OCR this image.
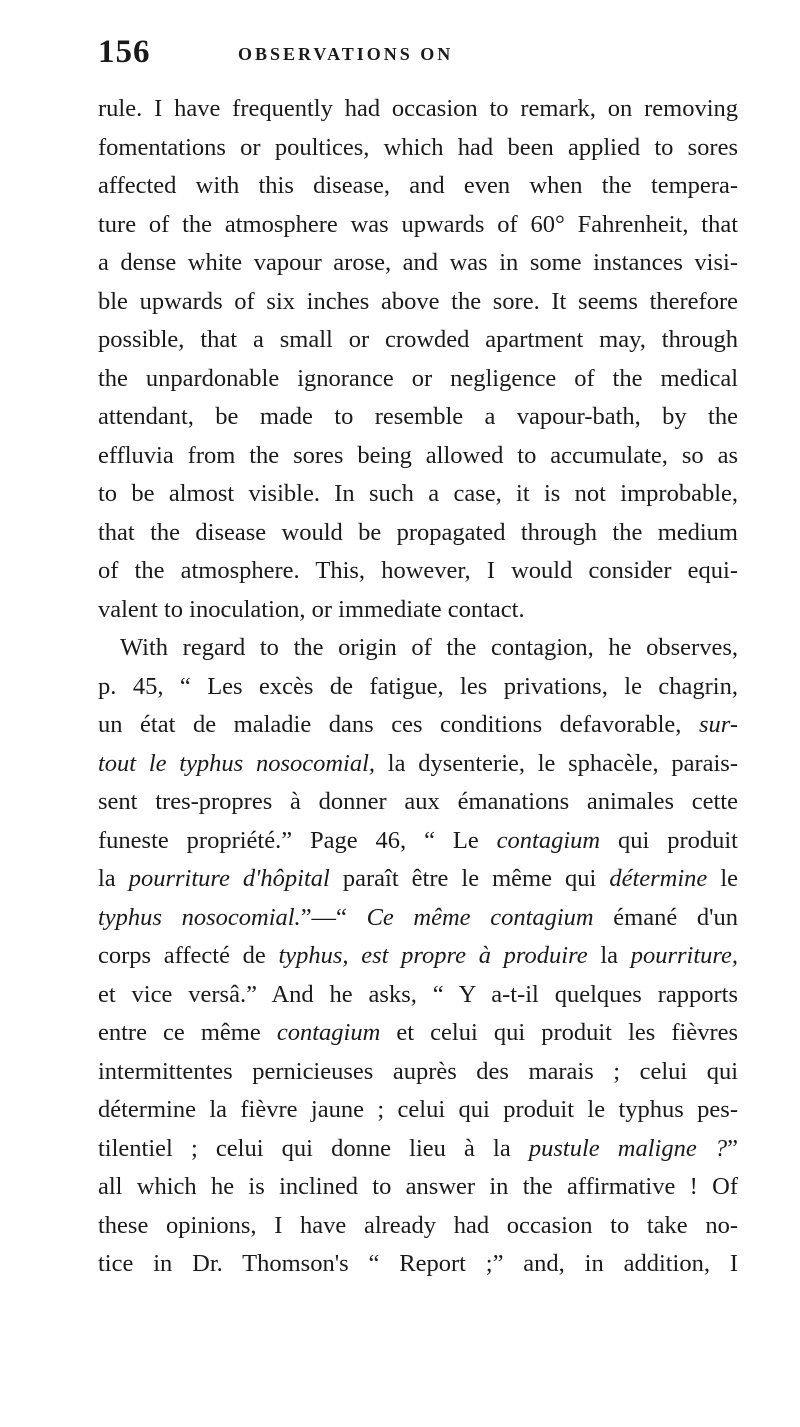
156	OBSERVATIONS ON
rule. I have frequently had occasion to remark, on removing
fomentations or poultices, which had been applied to sores
affected with this disease, and even when the tempera-
ture of the atmosphere was upwards of 60° Fahrenheit, that
a dense white vapour arose, and was in some instances visi-
ble upwards of six inches above the sore. It seems therefore
possible, that a small or crowded apartment may, through
the unpardonable ignorance or negligence of the medical
attendant, be made to resemble a vapour-bath, by the
effluvia from the sores being allowed to accumulate, so as
to be almost visible. In such a case, it is not improbable,
that the disease would be propagated through the medium
of the atmosphere. This, however, I would consider equi-
valent to inoculation, or immediate contact.
With regard to the origin of the contagion, he observes,
p. 45, “ Les excès de fatigue, les privations, le chagrin,
un état de maladie dans ces conditions defavorable, sur-
tout le typhus nosocomial, la dysenterie, le sphacèle, parais-
sent tres-propres à donner aux émanations animales cette
funeste propriété.” Page 46, “ Le contagium qui produit
la pourriture d'hôpital paraît être le même qui détermine le
typhus nosocomial.”—“ Ce même contagium émané d'un
corps affecté de typhus, est propre à produire la pourriture,
et vice versâ.” And he asks, “ Y a-t-il quelques rapports
entre ce même contagium et celui qui produit les fièvres
intermittentes pernicieuses auprès des marais ; celui qui
détermine la fièvre jaune ; celui qui produit le typhus pes-
tilentiel ; celui qui donne lieu à la pustule maligne ?”
all which he is inclined to answer in the affirmative ! Of
these opinions, I have already had occasion to take no-
tice in Dr. Thomson's “ Report ;” and, in addition, I
